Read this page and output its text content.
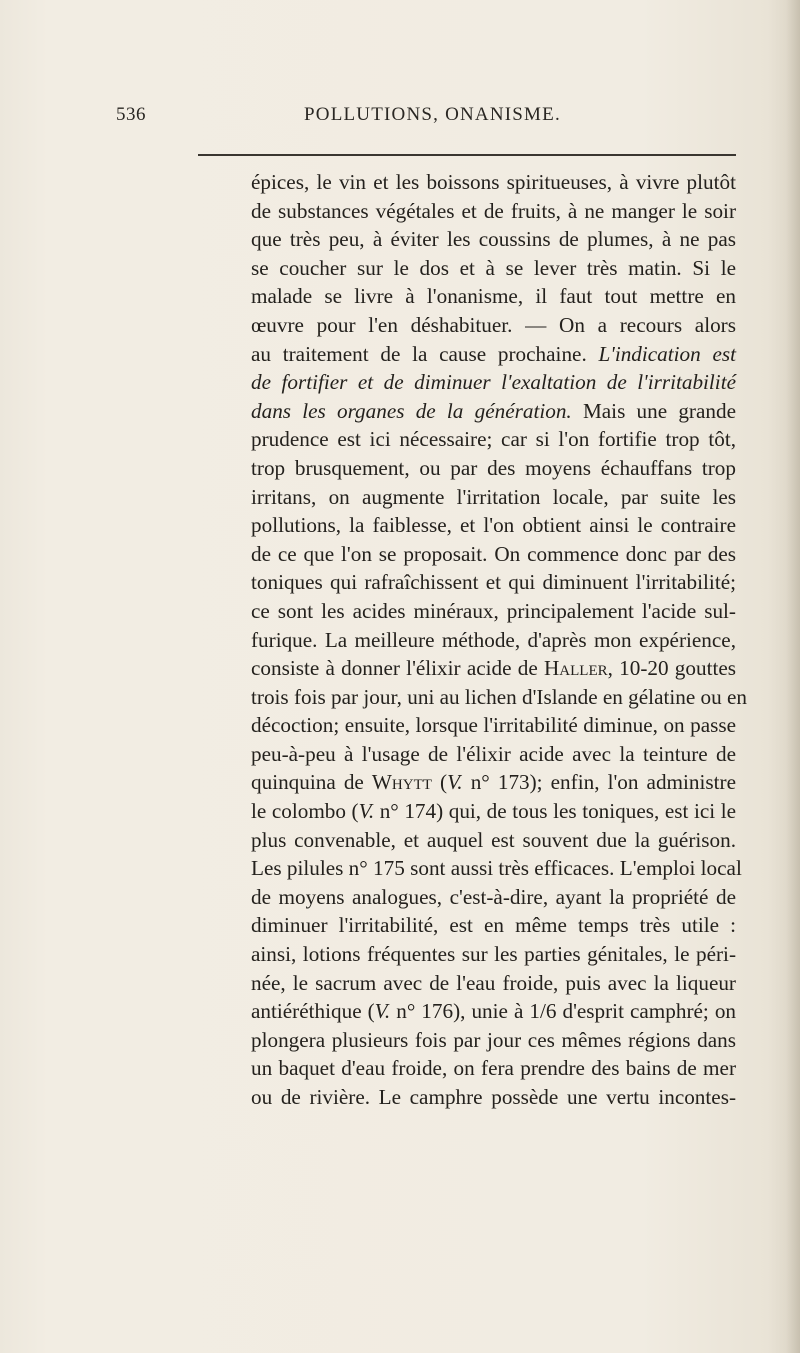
536	POLLUTIONS, ONANISME.
épices, le vin et les boissons spiritueuses, à vivre plutôt
de substances végétales et de fruits, à ne manger le soir
que très peu, à éviter les coussins de plumes, à ne pas
se coucher sur le dos et à se lever très matin. Si le
malade se livre à l'onanisme, il faut tout mettre en
œuvre pour l'en déshabituer. — On a recours alors
au traitement de la cause prochaine. L'indication est
de fortifier et de diminuer l'exaltation de l'irritabilité
dans les organes de la génération. Mais une grande
prudence est ici nécessaire; car si l'on fortifie trop tôt,
trop brusquement, ou par des moyens échauffans trop
irritans, on augmente l'irritation locale, par suite les
pollutions, la faiblesse, et l'on obtient ainsi le contraire
de ce que l'on se proposait. On commence donc par des
toniques qui rafraîchissent et qui diminuent l'irritabilité;
ce sont les acides minéraux, principalement l'acide sul-
furique. La meilleure méthode, d'après mon expérience,
consiste à donner l'élixir acide de Haller, 10-20 gouttes
trois fois par jour, uni au lichen d'Islande en gélatine ou en
décoction; ensuite, lorsque l'irritabilité diminue, on passe
peu-à-peu à l'usage de l'élixir acide avec la teinture de
quinquina de Whytt (V. n° 173); enfin, l'on administre
le colombo (V. n° 174) qui, de tous les toniques, est ici le
plus convenable, et auquel est souvent due la guérison.
Les pilules n° 175 sont aussi très efficaces. L'emploi local
de moyens analogues, c'est-à-dire, ayant la propriété de
diminuer l'irritabilité, est en même temps très utile :
ainsi, lotions fréquentes sur les parties génitales, le péri-
née, le sacrum avec de l'eau froide, puis avec la liqueur
antiéréthique (V. n° 176), unie à 1/6 d'esprit camphré; on
plongera plusieurs fois par jour ces mêmes régions dans
un baquet d'eau froide, on fera prendre des bains de mer
ou de rivière. Le camphre possède une vertu incontes-
